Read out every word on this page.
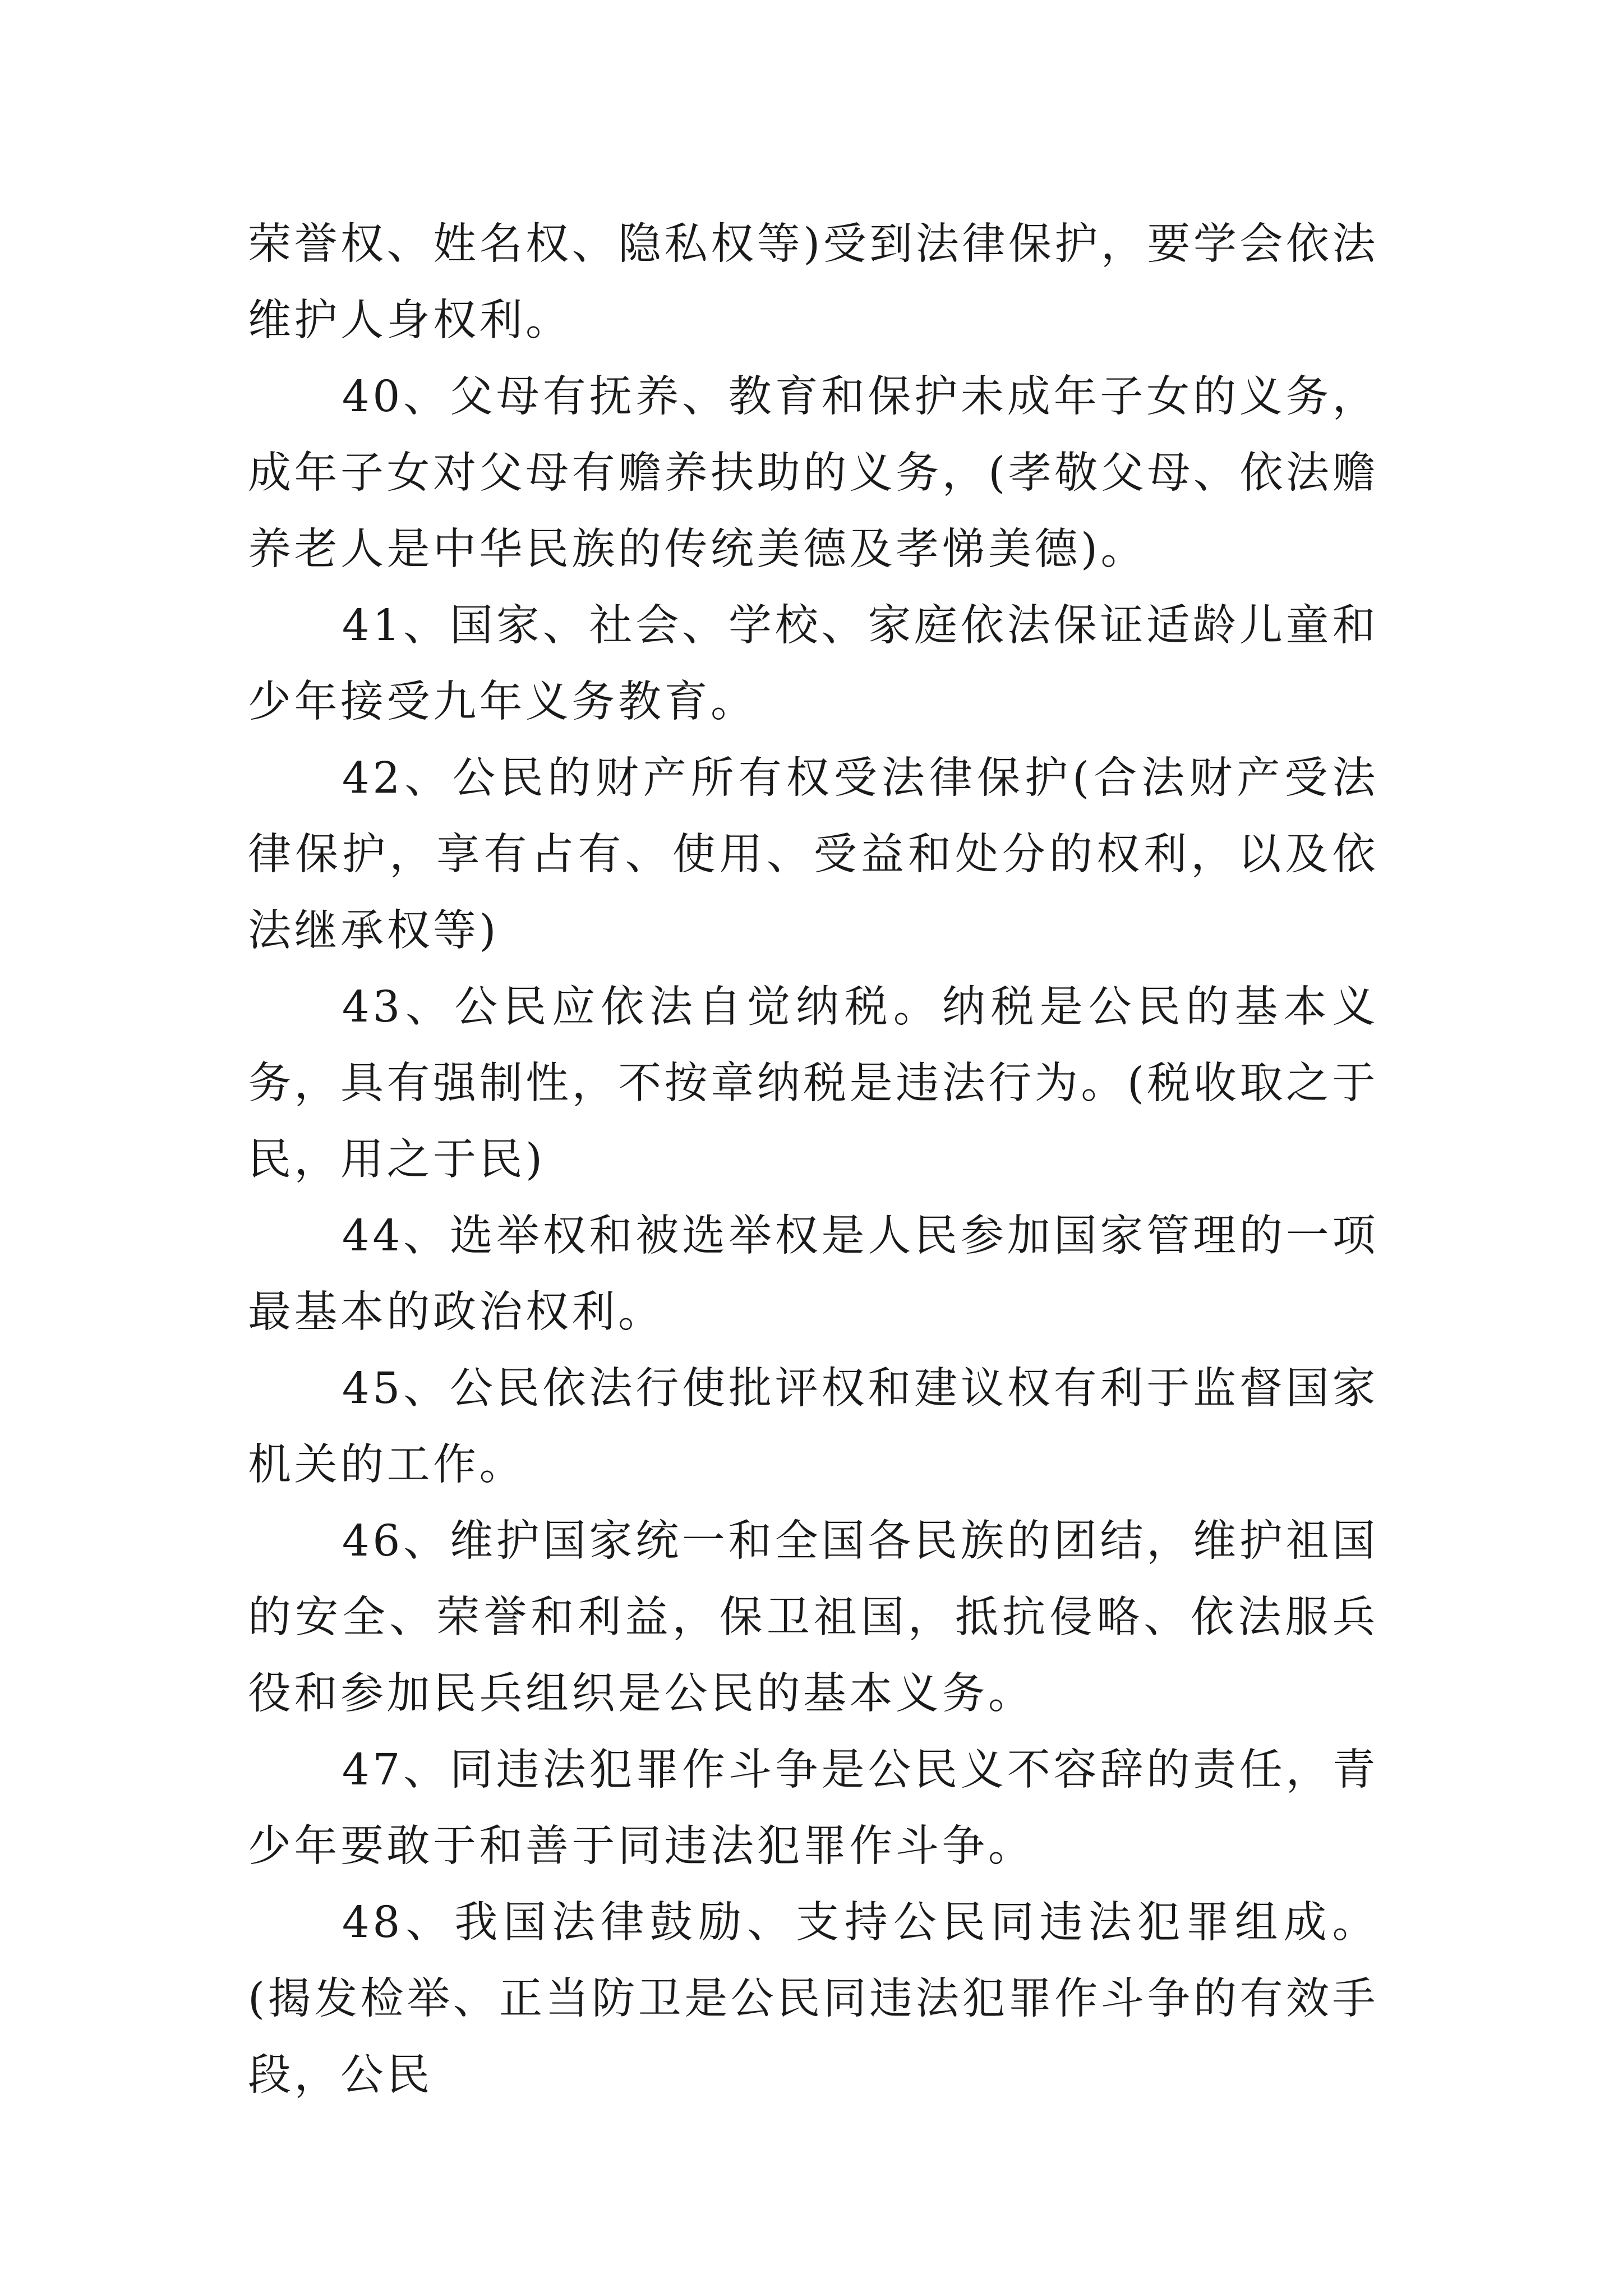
荣誉权、姓名权、隐私权等)受到法律保护，要学会依法维护人身权利。

40、父母有抚养、教育和保护未成年子女的义务，成年子女对父母有赡养扶助的义务，(孝敬父母、依法赡养老人是中华民族的传统美德及孝悌美德)。

41、国家、社会、学校、家庭依法保证适龄儿童和少年接受九年义务教育。

42、公民的财产所有权受法律保护(合法财产受法律保护，享有占有、使用、受益和处分的权利，以及依法继承权等)

43、公民应依法自觉纳税。纳税是公民的基本义务，具有强制性，不按章纳税是违法行为。(税收取之于民，用之于民)

44、选举权和被选举权是人民参加国家管理的一项最基本的政治权利。

45、公民依法行使批评权和建议权有利于监督国家机关的工作。

46、维护国家统一和全国各民族的团结，维护祖国的安全、荣誉和利益，保卫祖国，抵抗侵略、依法服兵役和参加民兵组织是公民的基本义务。

47、同违法犯罪作斗争是公民义不容辞的责任，青少年要敢于和善于同违法犯罪作斗争。

48、我国法律鼓励、支持公民同违法犯罪组成。(揭发检举、正当防卫是公民同违法犯罪作斗争的有效手段，公民
